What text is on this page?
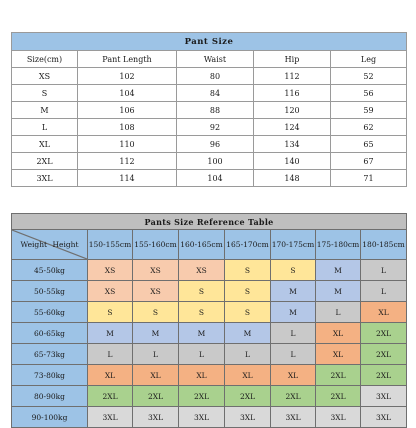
Pant Size				
Size(cm)	Pant Length	Waist	Hip	Leg
XS	102	80	112	52
S	104	84	116	56
M	106	88	120	59
L	108	92	124	62
XL	110	96	134	65
2XL	112	100	140	67
3XL	114	104	148	71
Pants Size Reference Table							

Weight Height	150-155cm	155-160cm	160-165cm	165-170cm	170-175cm	175-180cm	180-185cm
45-50kg	XS	XS	XS	S	S	M	L
50-55kg	XS	XS	S	S	M	M	L
55-60kg	S	S	S	S	M	L	XL
60-65kg	M	M	M	M	L	XL	2XL
65-73kg	L	L	L	L	L	XL	2XL
73-80kg	XL	XL	XL	XL	XL	2XL	2XL
80-90kg	2XL	2XL	2XL	2XL	2XL	2XL	3XL
90-100kg	3XL	3XL	3XL	3XL	3XL	3XL	3XL
